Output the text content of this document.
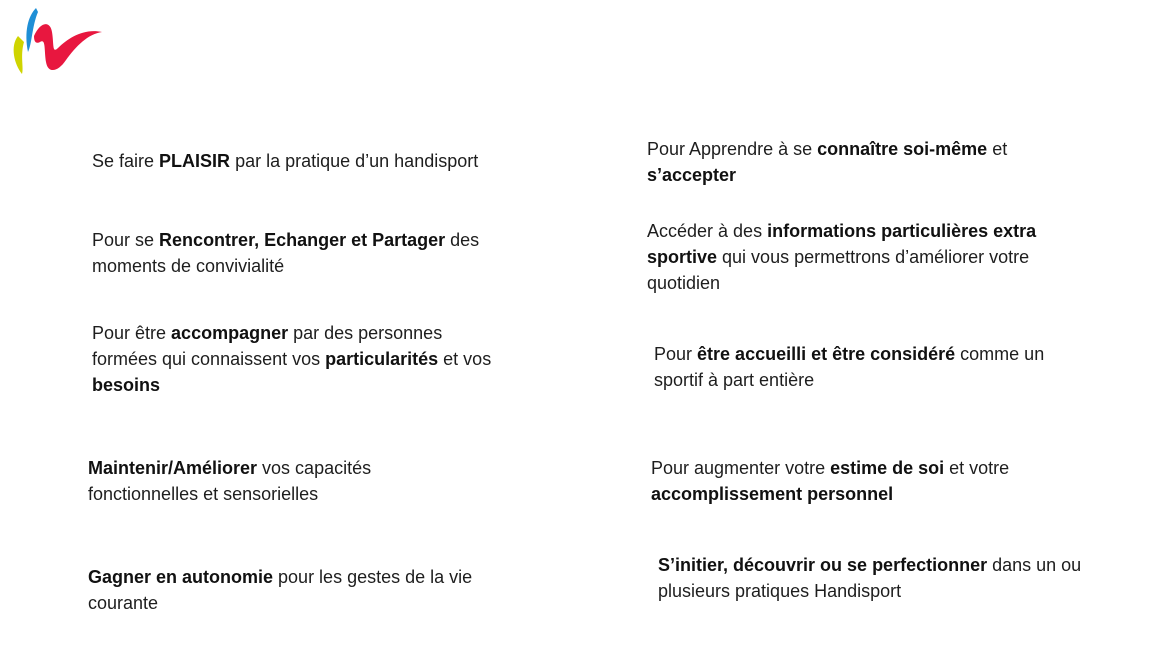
Se faire PLAISIR par la pratique d’un handisport

Pour se Rencontrer, Echanger et Partager des moments de convivialité

Pour être accompagner par des personnes formées qui connaissent vos particularités et vos besoins

Maintenir/Améliorer vos capacités fonctionnelles et sensorielles

Gagner en autonomie pour les gestes de la vie courante

Pour Apprendre à se connaître soi-même et s’accepter

Accéder à des informations particulières extra sportive qui vous permettrons d’améliorer votre quotidien

Pour être accueilli et être considéré comme un sportif à part entière

Pour augmenter votre estime de soi et votre accomplissement personnel

S’initier, découvrir ou se perfectionner dans un ou plusieurs pratiques Handisport
